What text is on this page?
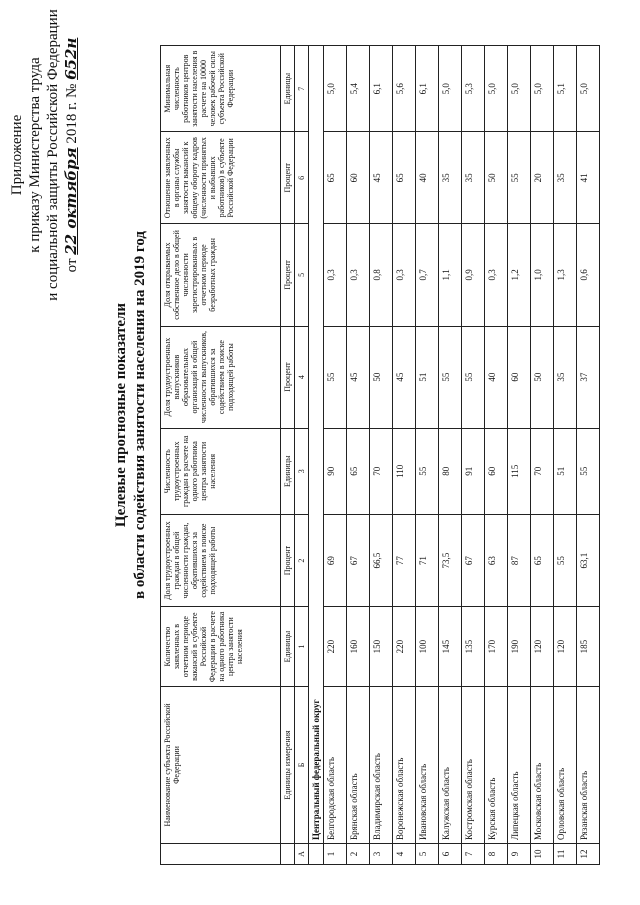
Приложение к приказу Министерства труда и социальной защиты Российской Федерации от 22 октября 2018 г. № 652н
Целевые прогнозные показатели в области содействия занятости населения на 2019 год
	Наименование субъекта Российской Федерации	Количество заявленных в отчетном периоде вакансий в субъекте Российской Федерации в расчете на одного работника центра занятости населения	Доля трудоустроенных граждан в общей численности граждан, обратившихся за содействием в поиске подходящей работы	Численность трудоустроенных граждан в расчете на одного работника центра занятости населения	Доля трудоустроенных выпускников образовательных организаций в общей численности выпускников, обратившихся за содействием в поиске подходящей работы	Доля открываемых собственное дело в общей численности зарегистрированных в отчетном периоде безработных граждан	Отношение заявленных в органы службы занятости вакансий к общему обороту кадров (численности принятых и выбывших работников) в субъекте Российской Федерации	Минимальная численность работников центров занятости населения в расчете на 10000 человек рабочей силы субъекта Российской Федерации
	Единицы измерения	Единицы	Процент	Единицы	Процент	Процент	Процент	Единицы
А	Б	1	2	3	4	5	6	7
	Центральный федеральный округ							
1	Белгородская область	220	69	90	55	0,3	65	5,0
2	Брянская область	160	67	65	45	0,3	60	5,4
3	Владимирская область	150	66,5	70	50	0,8	45	6,1
4	Воронежская область	220	77	110	45	0,3	65	5,6
5	Ивановская область	100	71	55	51	0,7	40	6,1
6	Калужская область	145	73,5	80	55	1,1	35	5,0
7	Костромская область	135	67	91	55	0,9	35	5,3
8	Курская область	170	63	60	40	0,3	50	5,0
9	Липецкая область	190	87	115	60	1,2	55	5,0
10	Московская область	120	65	70	50	1,0	20	5,0
11	Орловская область	120	55	51	35	1,3	35	5,1
12	Рязанская область	185	63,1	55	37	0,6	41	5,0
